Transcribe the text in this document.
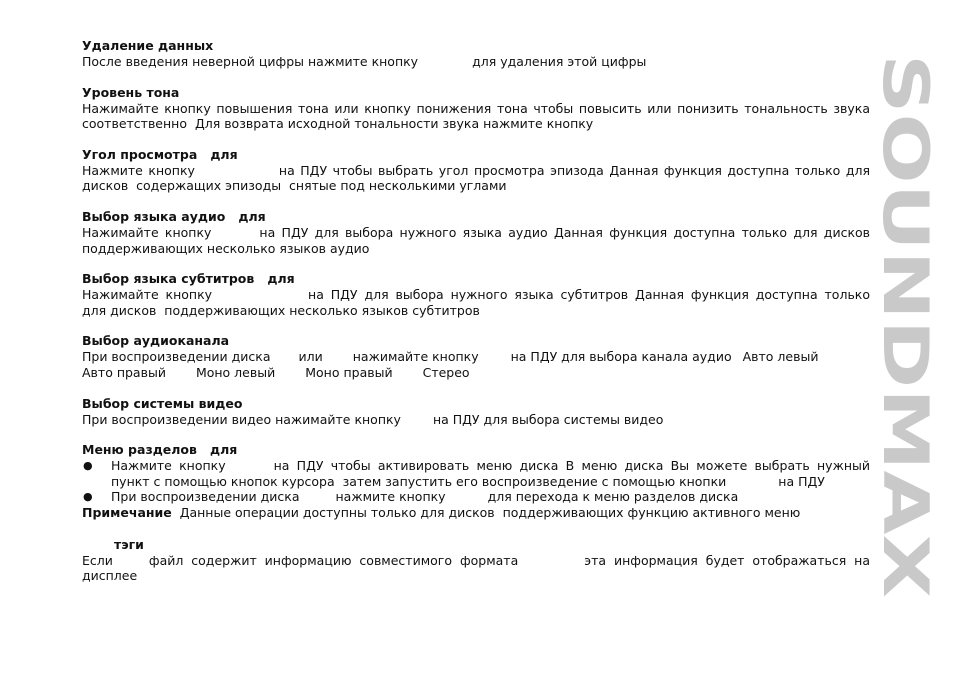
Удаление данных
После введения неверной цифры нажмите кнопку	для удаления этой цифры
Уровень тона
Нажимайте кнопку повышения тона или кнопку понижения тона чтобы повысить или понизить тональность звука
соответственно  Для возврата исходной тональности звука нажмите кнопку
Угол просмотра   для
Нажмите кнопку	на ПДУ чтобы выбрать угол просмотра эпизода Данная функция доступна только для
дисков  содержащих эпизоды  снятые под несколькими углами
Выбор языка аудио   для
Нажимайте кнопку	на ПДУ для выбора нужного языка аудио Данная функция доступна только для дисков
поддерживающих несколько языков аудио
Выбор языка субтитров   для
Нажимайте кнопку	на ПДУ для выбора нужного языка субтитров Данная функция доступна только
для дисков  поддерживающих несколько языков субтитров
Выбор аудиоканала
При воспроизведении диска или нажимайте кнопку	на ПДУ для выбора канала аудио Авто левый
Авто правый Моно левый Моно правый Стерео
Выбор системы видео
При воспроизведении видео нажимайте кнопку	на ПДУ для выбора системы видео
Меню разделов   для
● Нажмите кнопку	на ПДУ чтобы активировать меню диска В меню диска Вы можете выбрать нужный
пункт с помощью кнопок курсора  затем запустить его воспроизведение с помощью кнопки	на ПДУ
● При воспроизведении диска	нажмите кнопку	для перехода к меню разделов диска
Примечание  Данные операции доступны только для дисков  поддерживающих функцию активного меню
тэги
Если	файл содержит информацию совместимого формата	эта информация будет отображаться на
дисплее
SOUNDMAX
